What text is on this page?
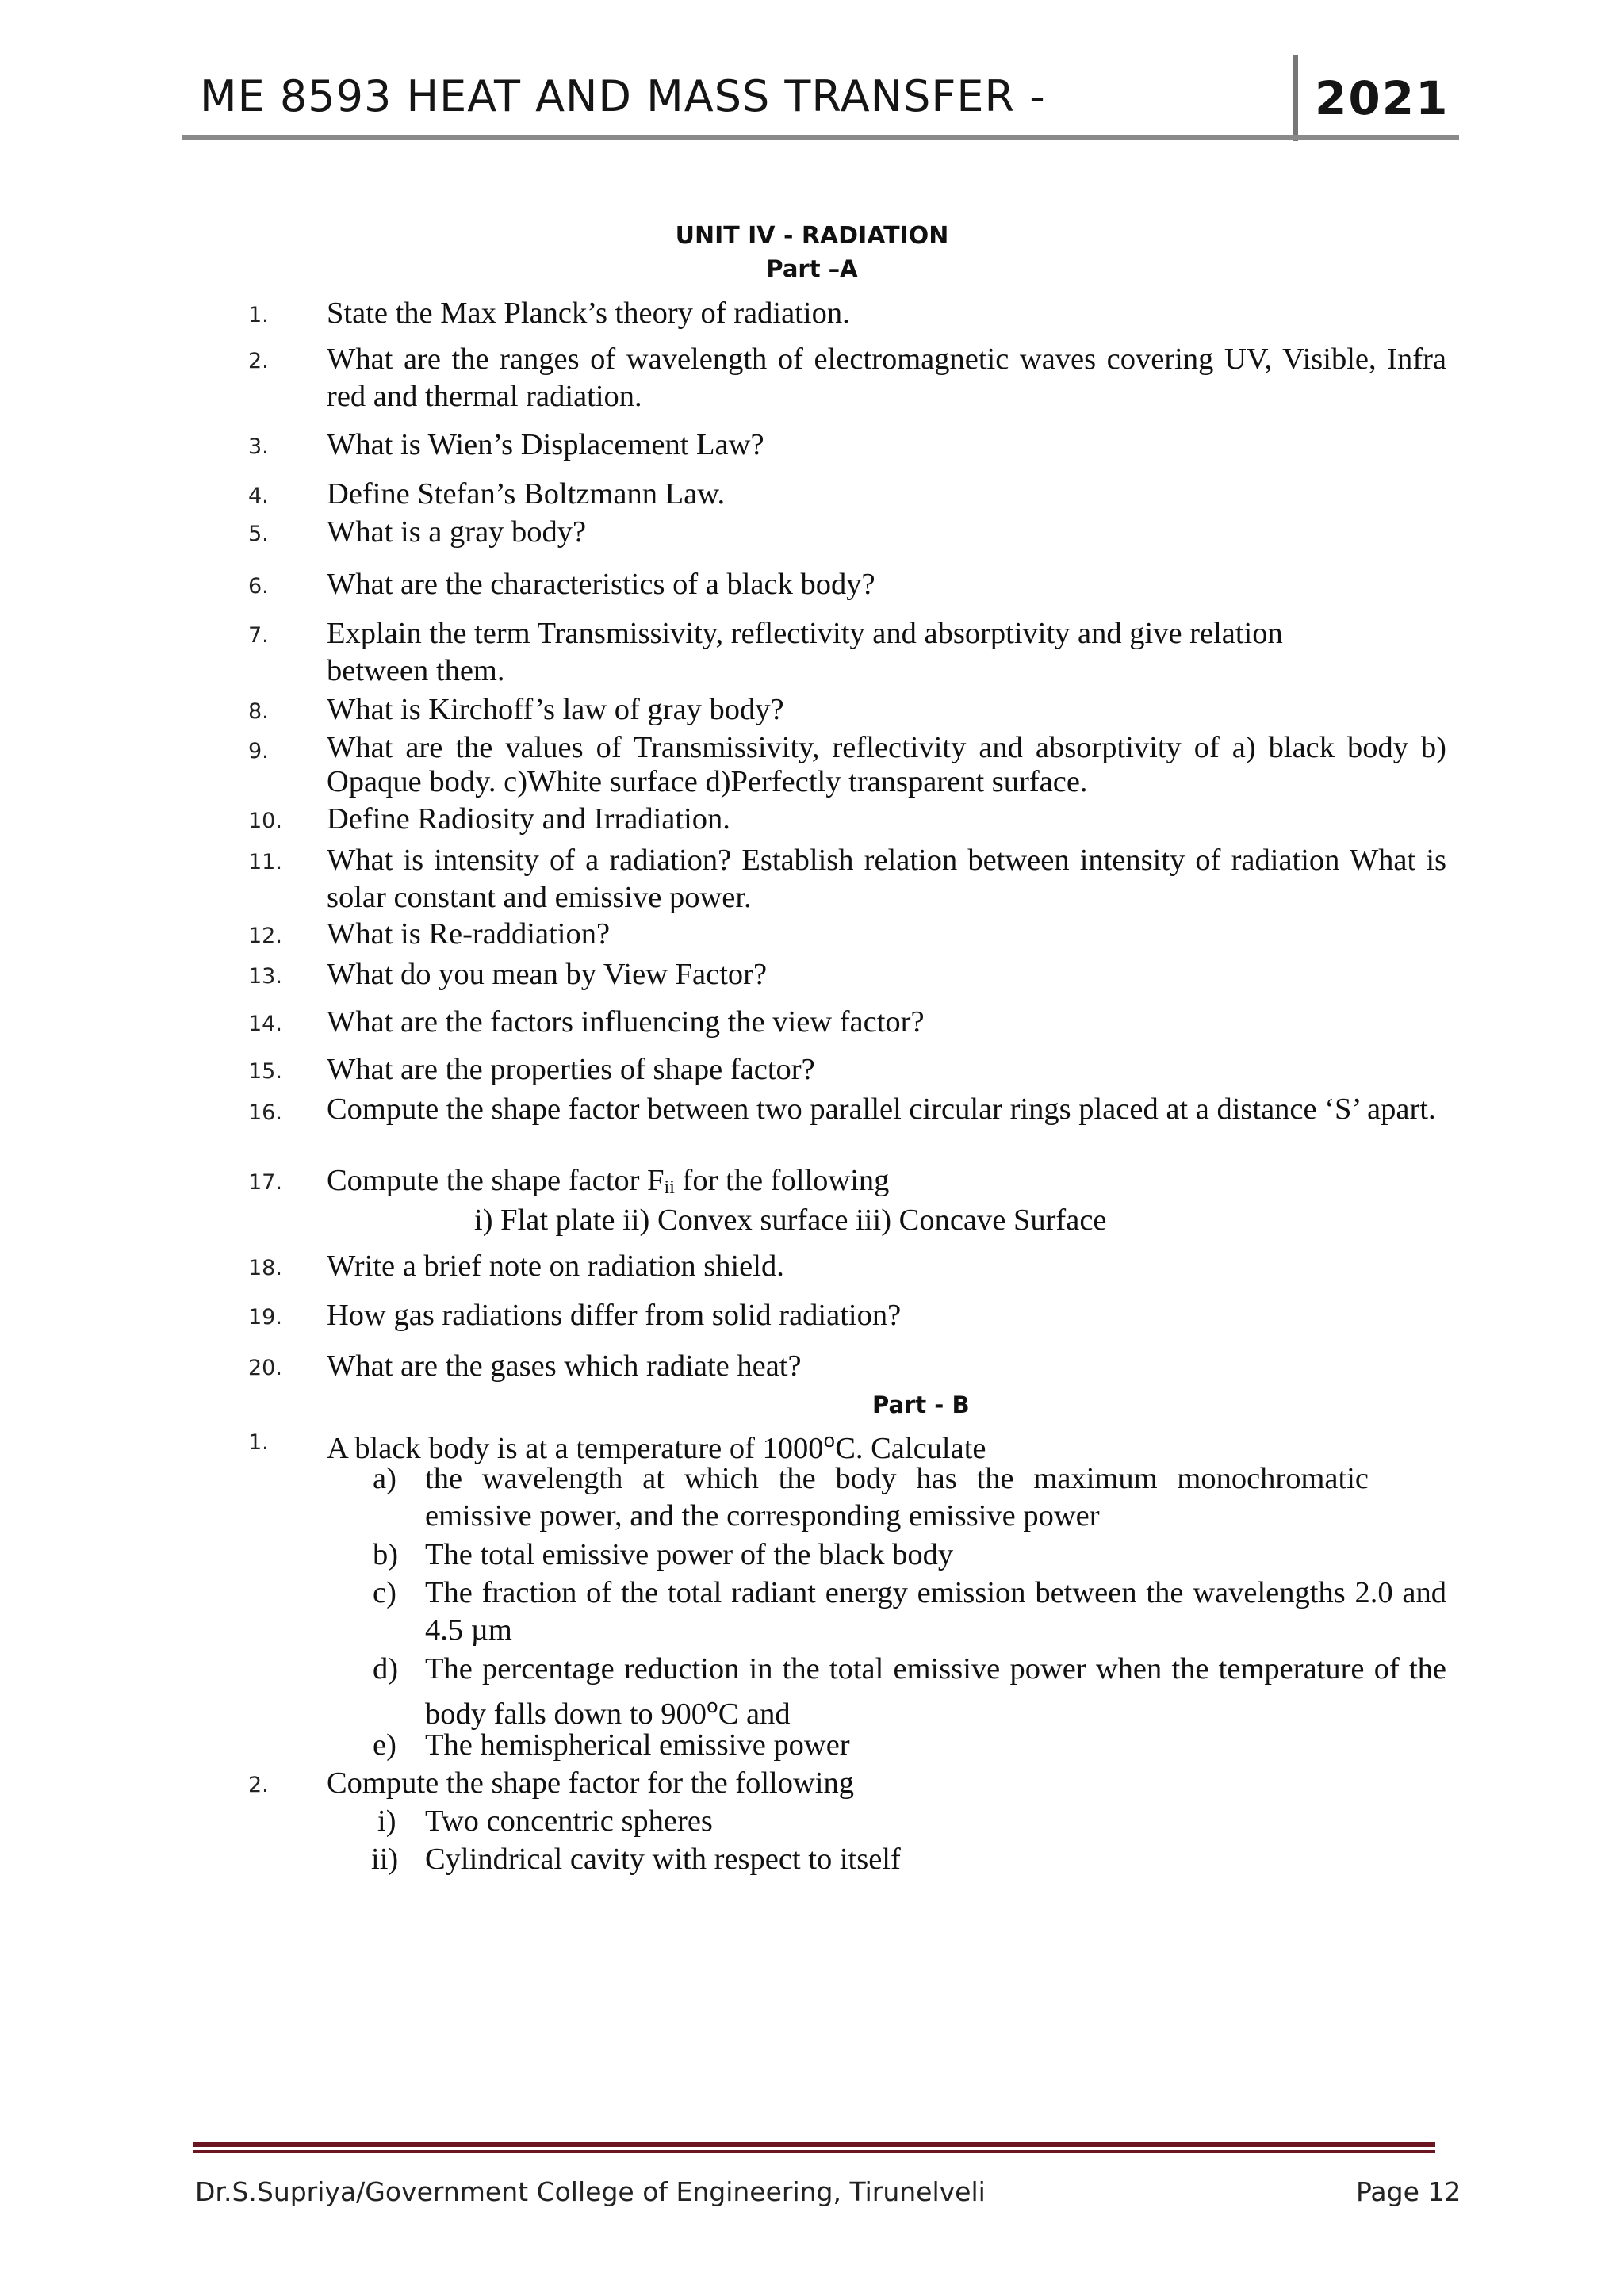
ME 8593 HEAT AND MASS TRANSFER -	2021
UNIT IV - RADIATION
Part –A
1. State the Max Planck’s theory of radiation.
2. What are the ranges of wavelength of electromagnetic waves covering UV, Visible, Infra red and thermal radiation.
3. What is Wien’s Displacement Law?
4. Define Stefan’s Boltzmann Law.
5. What is a gray body?
6. What are the characteristics of a black body?
7. Explain the term Transmissivity, reflectivity and absorptivity and give relation between them.
8. What is Kirchoff’s law of gray body?
9. What are the values of Transmissivity, reflectivity and absorptivity of a) black body b) Opaque body. c)White surface d)Perfectly transparent surface.
10. Define Radiosity and Irradiation.
11. What is intensity of a radiation? Establish relation between intensity of radiation What is solar constant and emissive power.
12. What is Re-raddiation?
13. What do you mean by View Factor?
14. What are the factors influencing the view factor?
15. What are the properties of shape factor?
16. Compute the shape factor between two parallel circular rings placed at a distance ‘S’ apart.
17. Compute the shape factor $F_{ii}$ for the following
i) Flat plate ii) Convex surface iii) Concave Surface
18. Write a brief note on radiation shield.
19. How gas radiations differ from solid radiation?
20. What are the gases which radiate heat?
Part - B
1. A black body is at a temperature of 1000$^o$C. Calculate
a) the wavelength at which the body has the maximum monochromatic emissive power, and the corresponding emissive power
b) The total emissive power of the black body
c) The fraction of the total radiant energy emission between the wavelengths 2.0 and 4.5 µm
d) The percentage reduction in the total emissive power when the temperature of the body falls down to 900$^o$C and
e) The hemispherical emissive power
2. Compute the shape factor for the following
i) Two concentric spheres
ii) Cylindrical cavity with respect to itself
Dr.S.Supriya/Government College of Engineering, Tirunelveli	Page 12
